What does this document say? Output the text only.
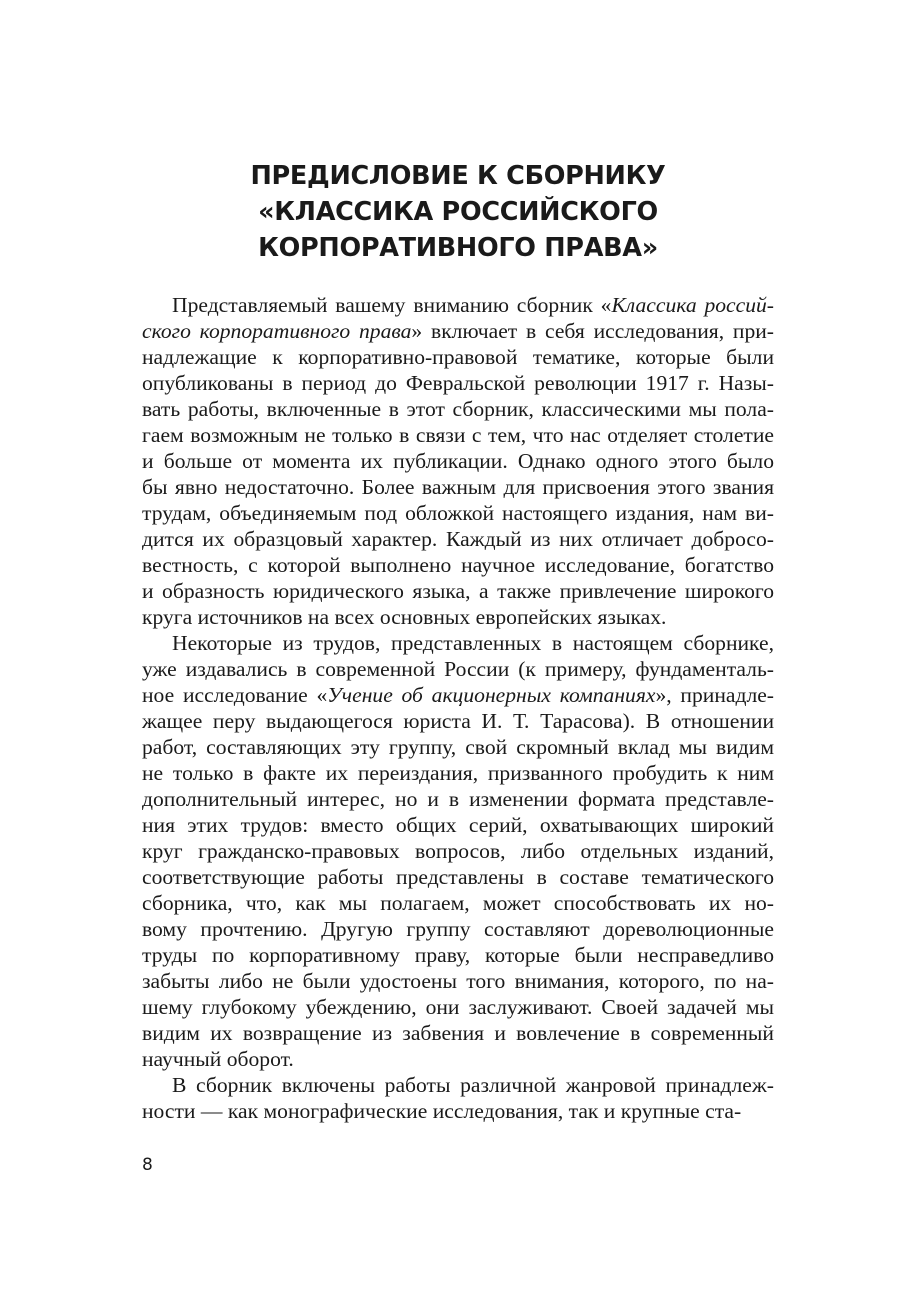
ПРЕДИСЛОВИЕ К СБОРНИКУ
«КЛАССИКА РОССИЙСКОГО
КОРПОРАТИВНОГО ПРАВА»
Представляемый вашему вниманию сборник «Классика россий-
ского корпоративного права» включает в себя исследования, при-
надлежащие к корпоративно-правовой тематике, которые были
опубликованы в период до Февральской революции 1917 г. Назы-
вать работы, включенные в этот сборник, классическими мы пола-
гаем возможным не только в связи с тем, что нас отделяет столетие
и больше от момента их публикации. Однако одного этого было
бы явно недостаточно. Более важным для присвоения этого звания
трудам, объединяемым под обложкой настоящего издания, нам ви-
дится их образцовый характер. Каждый из них отличает добросо-
вестность, с которой выполнено научное исследование, богатство
и образность юридического языка, а также привлечение широкого
круга источников на всех основных европейских языках.
Некоторые из трудов, представленных в настоящем сборнике,
уже издавались в современной России (к примеру, фундаменталь-
ное исследование «Учение об акционерных компаниях», принадле-
жащее перу выдающегося юриста И. Т. Тарасова). В отношении
работ, составляющих эту группу, свой скромный вклад мы видим
не только в факте их переиздания, призванного пробудить к ним
дополнительный интерес, но и в изменении формата представле-
ния этих трудов: вместо общих серий, охватывающих широкий
круг гражданско-правовых вопросов, либо отдельных изданий,
соответствующие работы представлены в составе тематического
сборника, что, как мы полагаем, может способствовать их но-
вому прочтению. Другую группу составляют дореволюционные
труды по корпоративному праву, которые были несправедливо
забыты либо не были удостоены того внимания, которого, по на-
шему глубокому убеждению, они заслуживают. Своей задачей мы
видим их возвращение из забвения и вовлечение в современный
научный оборот.
В сборник включены работы различной жанровой принадлеж-
ности — как монографические исследования, так и крупные ста-
8
